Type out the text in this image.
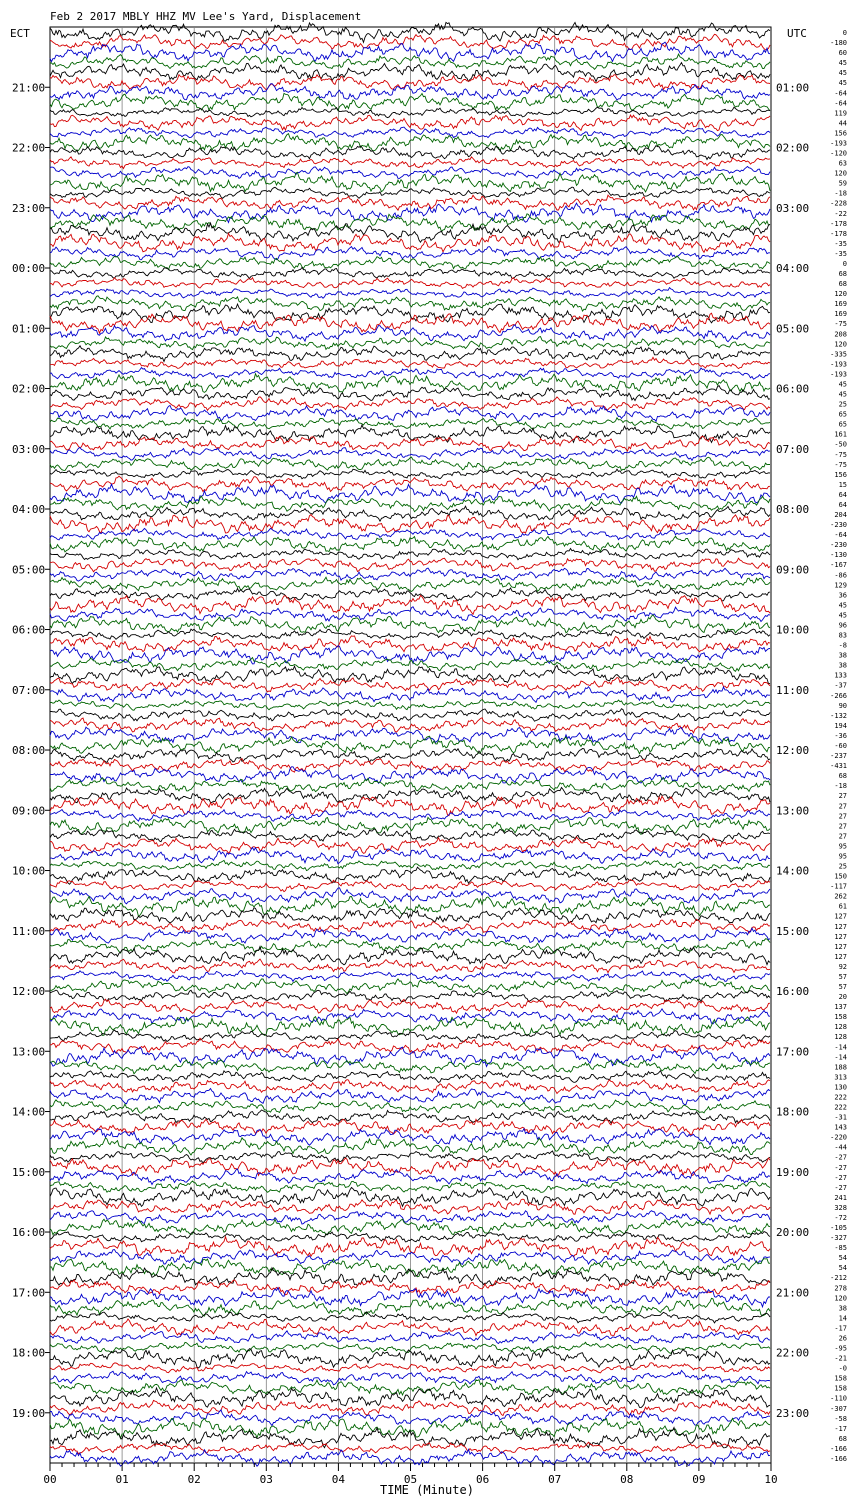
Feb 2 2017 MBLY HHZ MV Lee's Yard, Displacement
ECT	UTC
21:00
22:00
23:00
00:00
01:00
02:00
03:00
04:00
05:00
06:00
07:00
08:00
09:00
10:00
11:00
12:00
13:00
14:00
15:00
16:00
17:00
18:00
19:00
01:00
02:00
03:00
04:00
05:00
06:00
07:00
08:00
09:00
10:00
11:00
12:00
13:00
14:00
15:00
16:00
17:00
18:00
19:00
20:00
21:00
22:00
23:00
0
-180
60
45
45
45
-64
-64
119
44
156
-193
-120
63
120
59
-18
-228
-22
-178
-178
-35
-35
0
68
68
120
169
169
-75
208
120
-335
-193
-193
45
45
25
65
65
161
-50
-75
-75
156
15
64
64
204
-230
-64
-230
-130
-167
-86
129
36
45
45
96
83
-8
38
38
133
-37
-266
90
-132
194
-36
-60
-237
-431
68
-18
27
27
27
27
27
95
95
25
150
-117
262
61
127
127
127
127
127
92
57
57
20
137
158
128
128
-14
-14
188
313
130
222
222
-31
143
-220
-44
-27
-27
-27
-27
241
328
-72
-105
-327
-85
54
54
-212
278
120
38
14
-17
26
-95
-21
-0
158
158
-110
-307
-58
-17
68
-166
-166
00	01	02	03	04	05	06	07	08	09	10
TIME (Minute)
